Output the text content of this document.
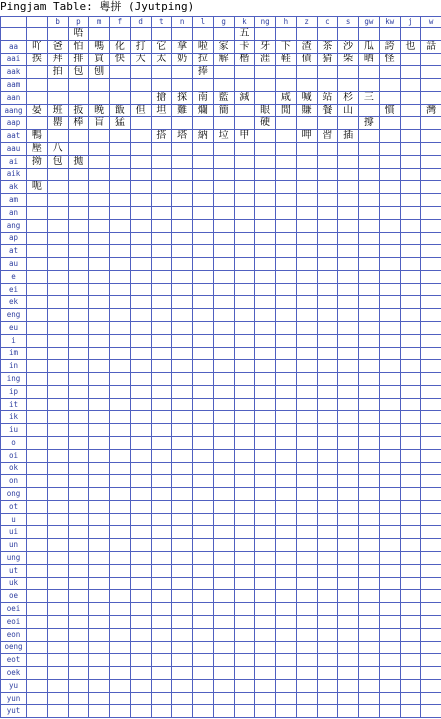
Pingjam Table: 粵拼 (Jyutping)
		b	p	m	f	d	t	n	l	g	k	ng	h	z	c	s	gw	kw	j	w
			唔								五									
aa	吖	爸	怕	嗎	化	打	它	拿	啦	家	卡	牙	下	渣	茶	沙	瓜	誇	也	話
aai	挨	拜	排	買	快	大	太	奶	拉	解	楷	涯	鞋	債	猜	柴	晒	怪		
aak		拍	包	刨					捧											
aam																				
aan							搶	探	南	藍	減		咸	喊	站	杉	三			
aang	晏	班	扳	晚	飯	但	坦	難	爛	簡		眼	閒	賺	餐	山		慣		灣
aap		罌	棒	盲	猛							硬					撐			
aat	鴨						搭	塔	納	垃	甲			呷	習	插				
aau	壓	八																		
ai	拗	包	拋																	
aik																				
ak	呃																			
am																				
an																				
ang																				
ap																				
at																				
au																				
e																				
ei																				
ek																				
eng																				
eu																				
i																				
im																				
in																				
ing																				
ip																				
it																				
ik																				
iu																				
o																				
oi																				
ok																				
on																				
ong																				
ot																				
u																				
ui																				
un																				
ung																				
ut																				
uk																				
oe																				
oei																				
eoi																				
eon																				
oeng																				
eot																				
oek																				
yu																				
yun																				
yut																				
